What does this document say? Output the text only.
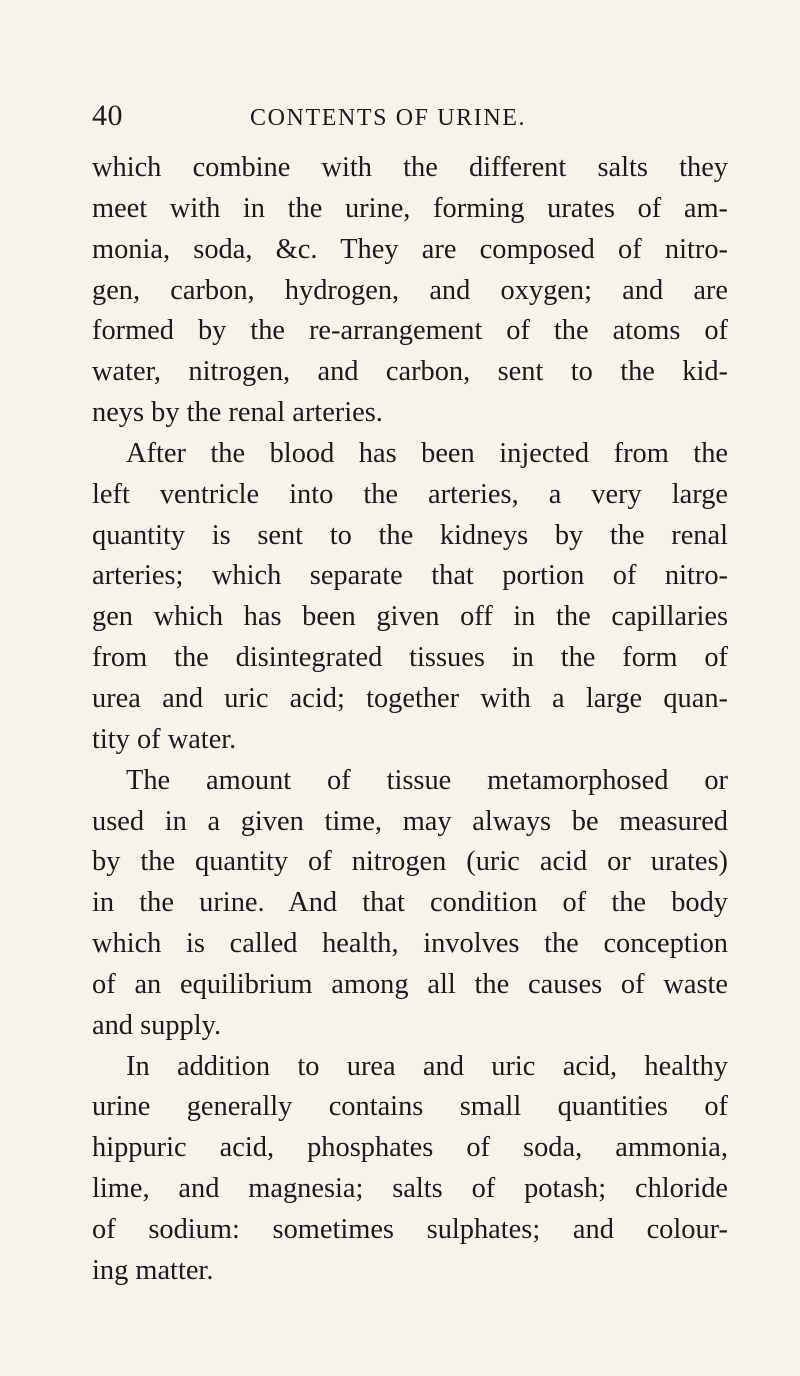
40	CONTENTS OF URINE.
which combine with the different salts they
meet with in the urine, forming urates of am-
monia, soda, &c. They are composed of nitro-
gen, carbon, hydrogen, and oxygen; and are
formed by the re-arrangement of the atoms of
water, nitrogen, and carbon, sent to the kid-
neys by the renal arteries.
After the blood has been injected from the
left ventricle into the arteries, a very large
quantity is sent to the kidneys by the renal
arteries; which separate that portion of nitro-
gen which has been given off in the capillaries
from the disintegrated tissues in the form of
urea and uric acid; together with a large quan-
tity of water.
The amount of tissue metamorphosed or
used in a given time, may always be measured
by the quantity of nitrogen (uric acid or urates)
in the urine. And that condition of the body
which is called health, involves the conception
of an equilibrium among all the causes of waste
and supply.
In addition to urea and uric acid, healthy
urine generally contains small quantities of
hippuric acid, phosphates of soda, ammonia,
lime, and magnesia; salts of potash; chloride
of sodium: sometimes sulphates; and colour-
ing matter.
